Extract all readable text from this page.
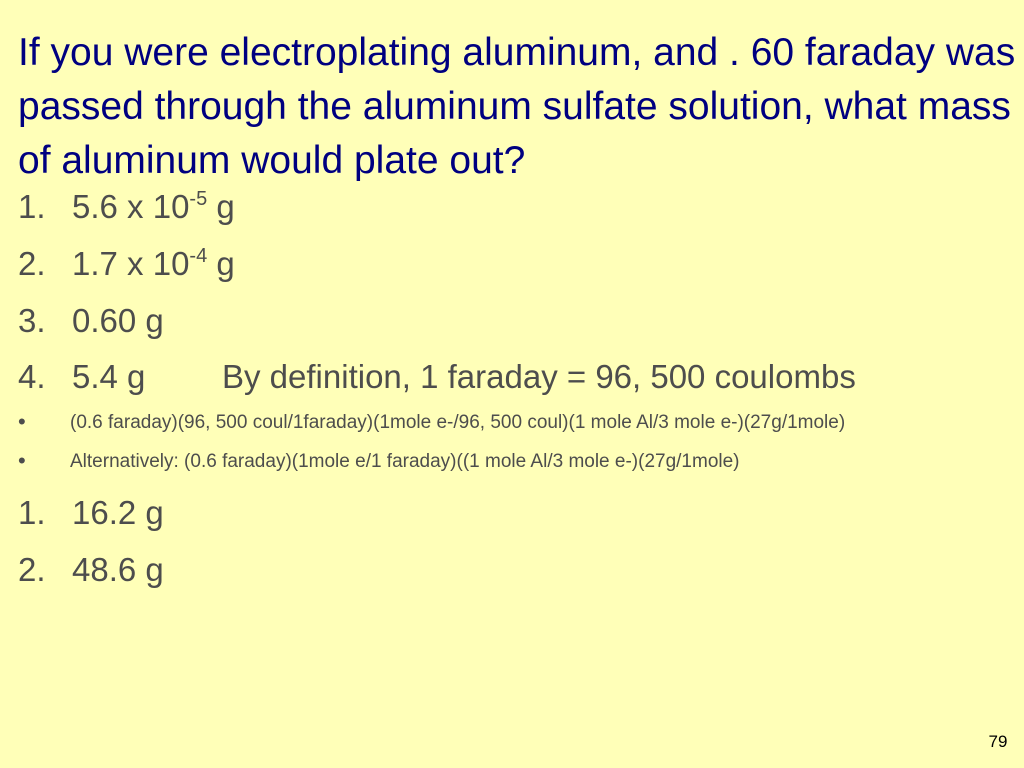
If you were electroplating aluminum, and . 60 faraday was passed through the aluminum sulfate solution, what mass of aluminum would plate out?
1. 5.6 x $10^{-5}$ g
2. 1.7 x $10^{-4}$ g
3. 0.60 g
4. 5.4 g By definition, 1 faraday = 96, 500 coulombs
• (0.6 faraday)(96, 500 coul/1faraday)(1mole e-/96, 500 coul)(1 mole Al/3 mole e-)(27g/1mole)
• Alternatively: (0.6 faraday)(1mole e/1 faraday)((1 mole Al/3 mole e-)(27g/1mole)
1. 16.2 g
2. 48.6 g
79
